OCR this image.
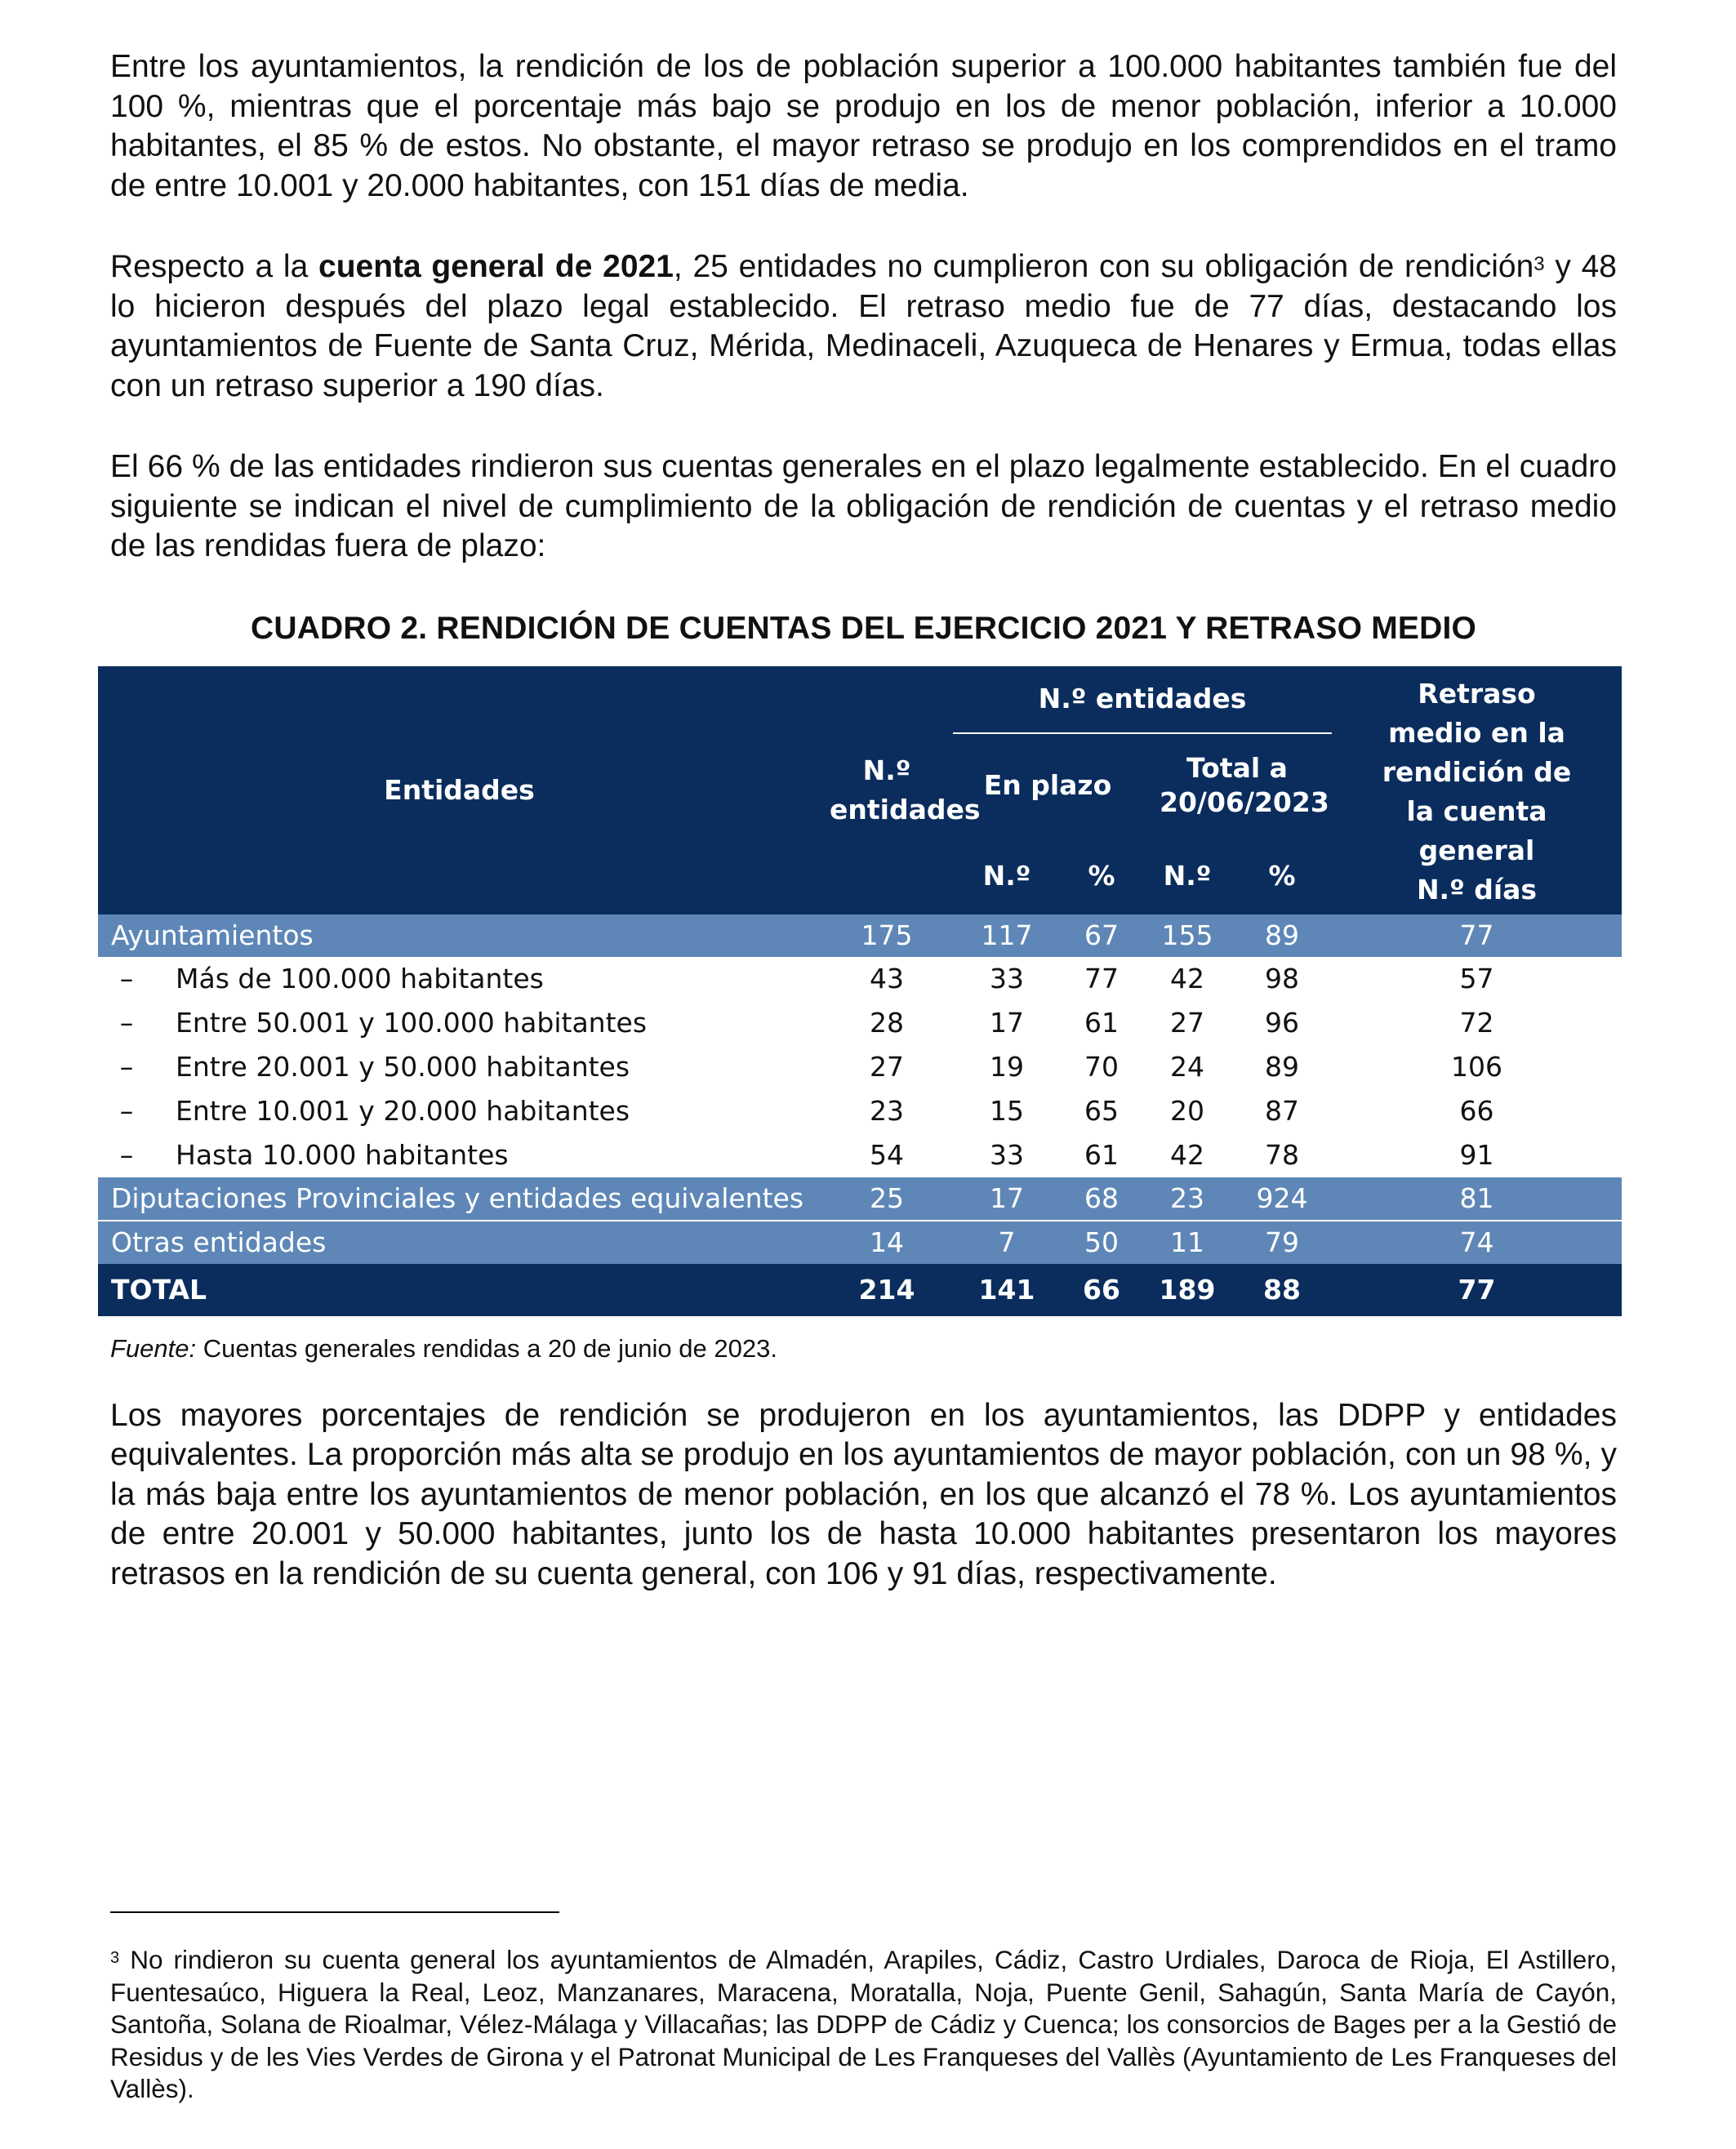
Entre los ayuntamientos, la rendición de los de población superior a 100.000 habitantes también fue del 100 %, mientras que el porcentaje más bajo se produjo en los de menor población, inferior a 10.000 habitantes, el 85 % de estos. No obstante, el mayor retraso se produjo en los comprendidos en el tramo de entre 10.001 y 20.000 habitantes, con 151 días de media.

Respecto a la cuenta general de 2021, 25 entidades no cumplieron con su obligación de rendición$^3$ y 48 lo hicieron después del plazo legal establecido. El retraso medio fue de 77 días, destacando los ayuntamientos de Fuente de Santa Cruz, Mérida, Medinaceli, Azuqueca de Henares y Ermua, todas ellas con un retraso superior a 190 días.

El 66 % de las entidades rindieron sus cuentas generales en el plazo legalmente establecido. En el cuadro siguiente se indican el nivel de cumplimiento de la obligación de rendición de cuentas y el retraso medio de las rendidas fuera de plazo:

CUADRO 2. RENDICIÓN DE CUENTAS DEL EJERCICIO 2021 Y RETRASO MEDIO
Entidades	N.º entidades	N.º entidades				Retraso medio en la rendición de la cuenta general
N.º días

		En plazo		Total a 20/06/2023		

		N.º	%	N.º	%	
Ayuntamientos	175	117	67	155	89	77
– Más de 100.000 habitantes	43	33	77	42	98	57
– Entre 50.001 y 100.000 habitantes	28	17	61	27	96	72
– Entre 20.001 y 50.000 habitantes	27	19	70	24	89	106
– Entre 10.001 y 20.000 habitantes	23	15	65	20	87	66
– Hasta 10.000 habitantes	54	33	61	42	78	91
Diputaciones Provinciales y entidades equivalentes	25	17	68	23	924	81
Otras entidades	14	7	50	11	79	74
TOTAL	214	141	66	189	88	77

Fuente: Cuentas generales rendidas a 20 de junio de 2023.

Los mayores porcentajes de rendición se produjeron en los ayuntamientos, las DDPP y entidades equivalentes. La proporción más alta se produjo en los ayuntamientos de mayor población, con un 98 %, y la más baja entre los ayuntamientos de menor población, en los que alcanzó el 78 %. Los ayuntamientos de entre 20.001 y 50.000 habitantes, junto los de hasta 10.000 habitantes presentaron los mayores retrasos en la rendición de su cuenta general, con 106 y 91 días, respectivamente.

$^3$ No rindieron su cuenta general los ayuntamientos de Almadén, Arapiles, Cádiz, Castro Urdiales, Daroca de Rioja, El Astillero, Fuentesaúco, Higuera la Real, Leoz, Manzanares, Maracena, Moratalla, Noja, Puente Genil, Sahagún, Santa María de Cayón, Santoña, Solana de Rioalmar, Vélez-Málaga y Villacañas; las DDPP de Cádiz y Cuenca; los consorcios de Bages per a la Gestió de Residus y de les Vies Verdes de Girona y el Patronat Municipal de Les Franqueses del Vallès (Ayuntamiento de Les Franqueses del Vallès).
